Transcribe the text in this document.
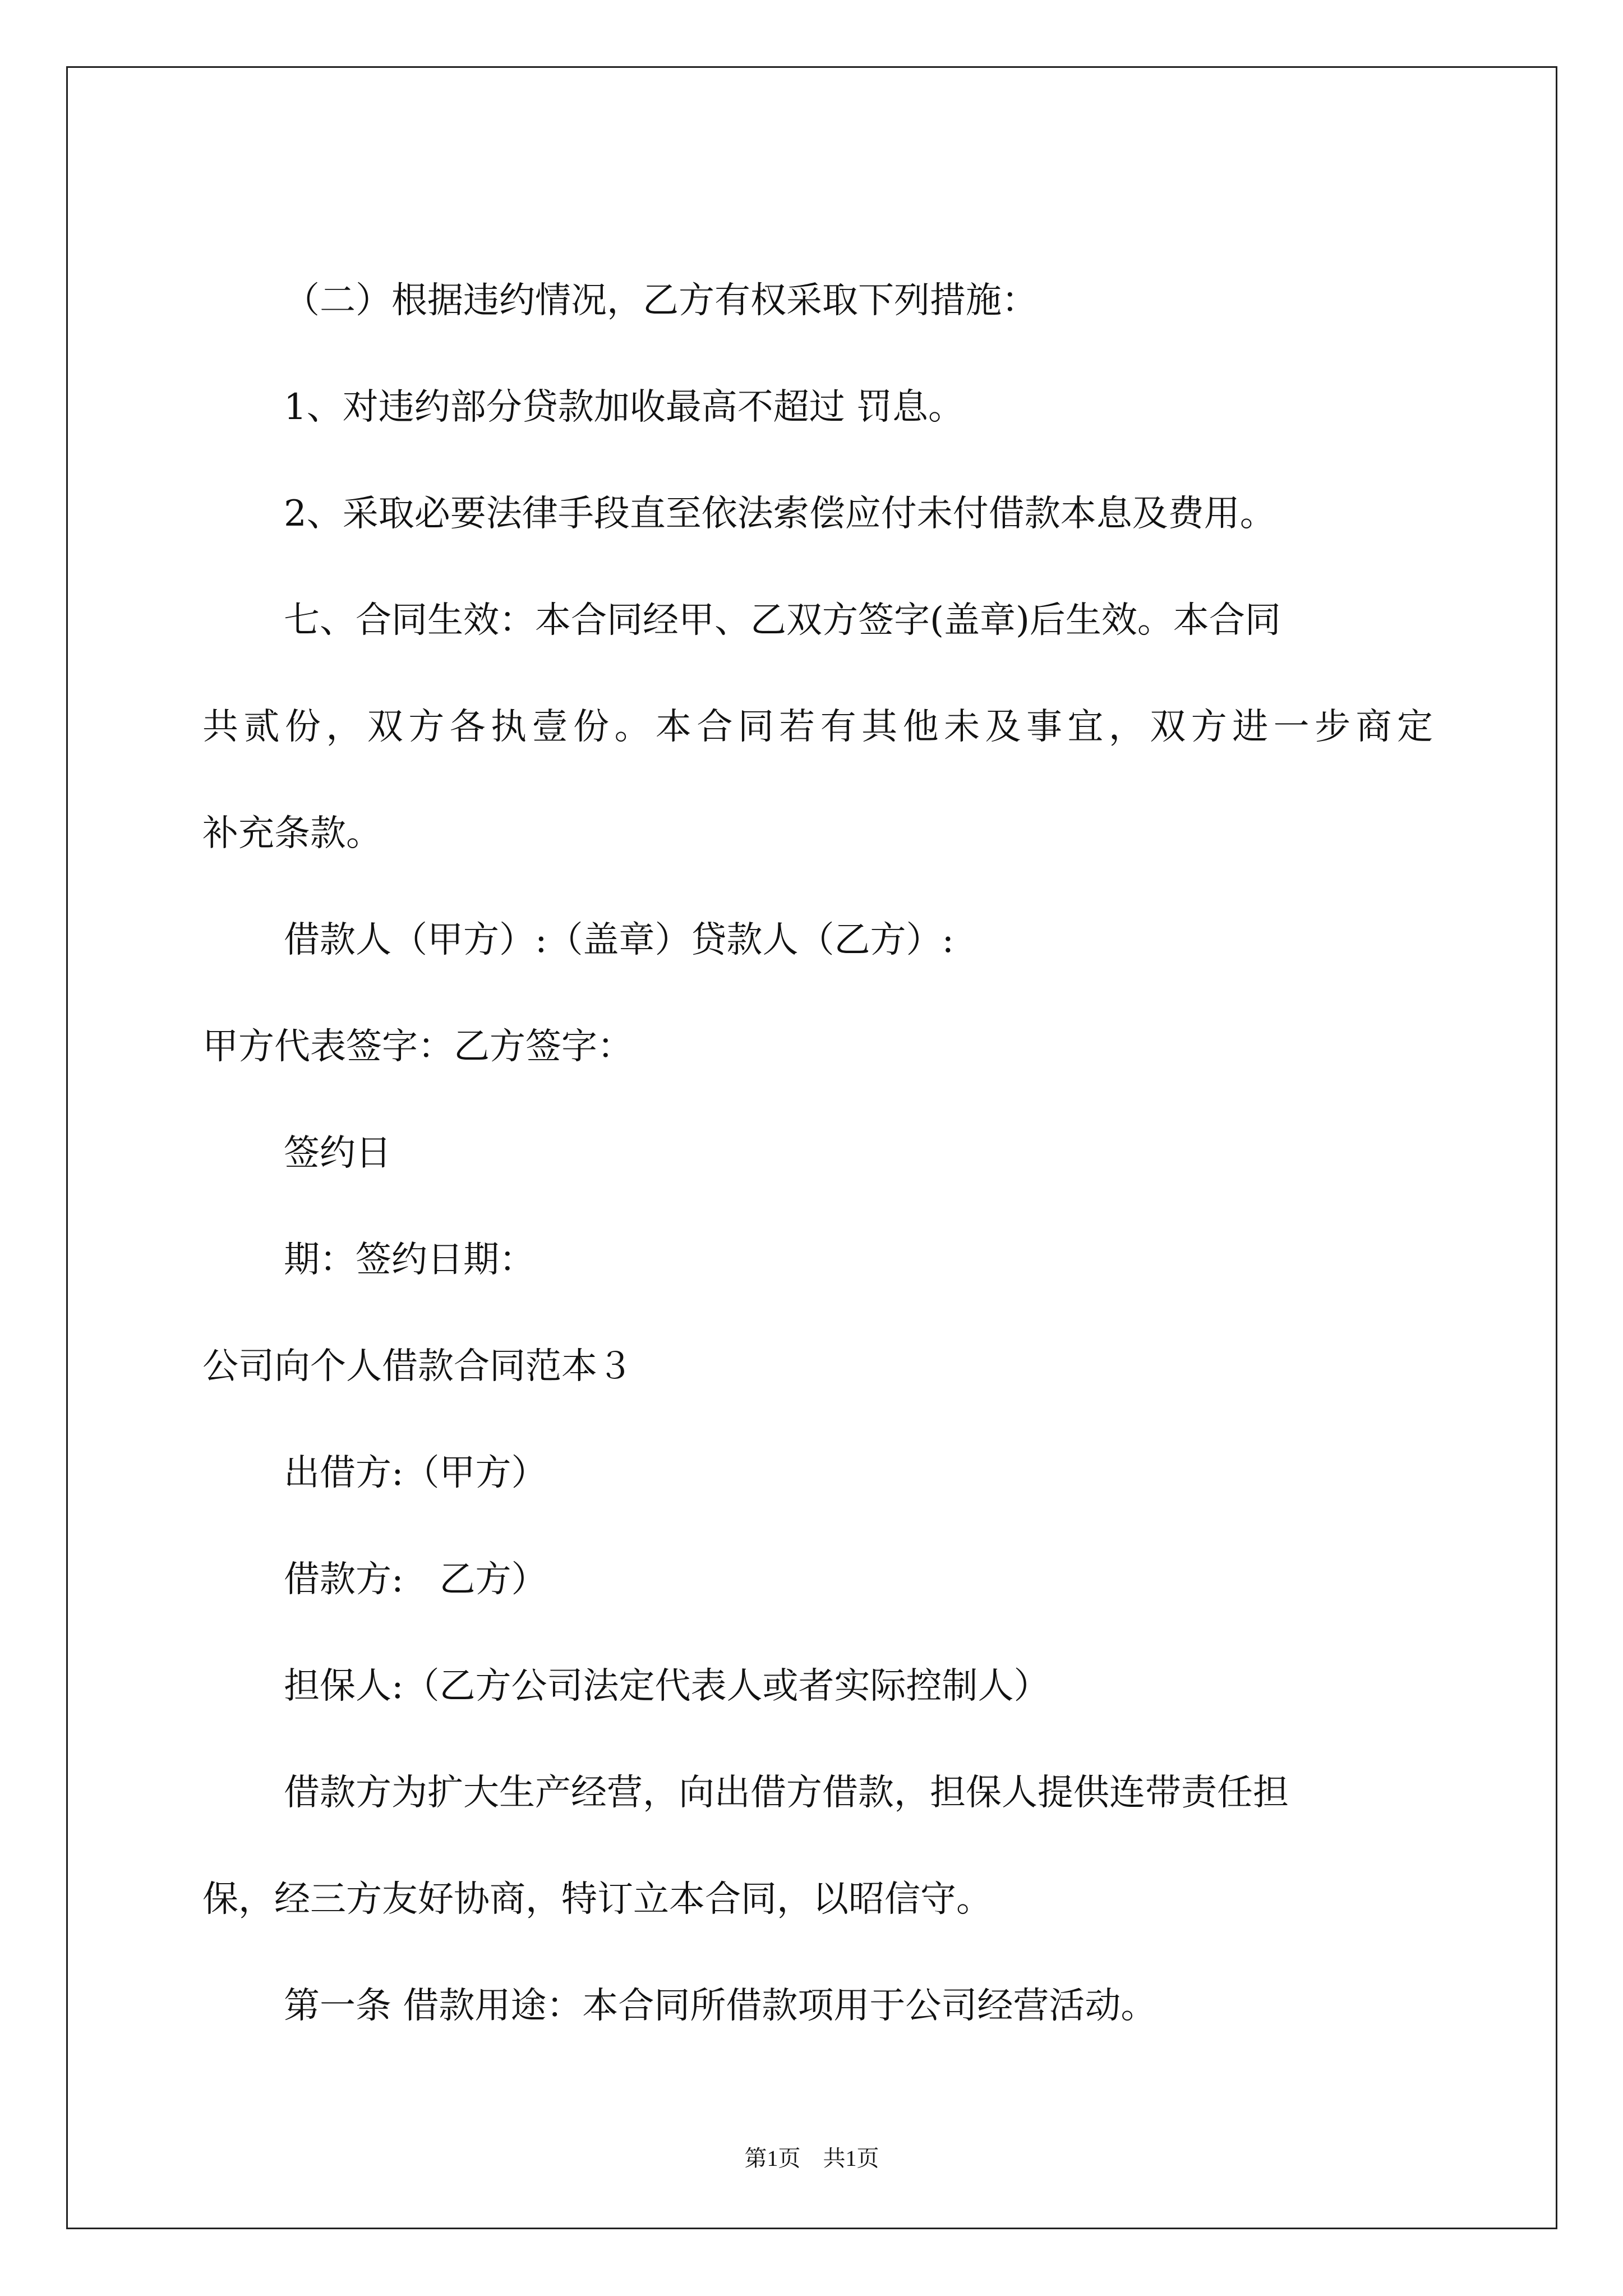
（二）根据违约情况，乙方有权采取下列措施：
1、对违约部分贷款加收最高不超过 罚息。
2、采取必要法律手段直至依法索偿应付未付借款本息及费用。
七、合同生效：本合同经甲、乙双方签字(盖章)后生效。本合同
共贰份，双方各执壹份。本合同若有其他未及事宜，双方进一步商定
补充条款。
借款人（甲方）:（盖章）贷款人（乙方）:
甲方代表签字：乙方签字：
签约日
期：签约日期：
公司向个人借款合同范本３
出借方:（甲方）
借款方:　乙方）
担保人:（乙方公司法定代表人或者实际控制人）
借款方为扩大生产经营，向出借方借款，担保人提供连带责任担
保，经三方友好协商，特订立本合同，以昭信守。
第一条 借款用途：本合同所借款项用于公司经营活动。
第1页　共1页
